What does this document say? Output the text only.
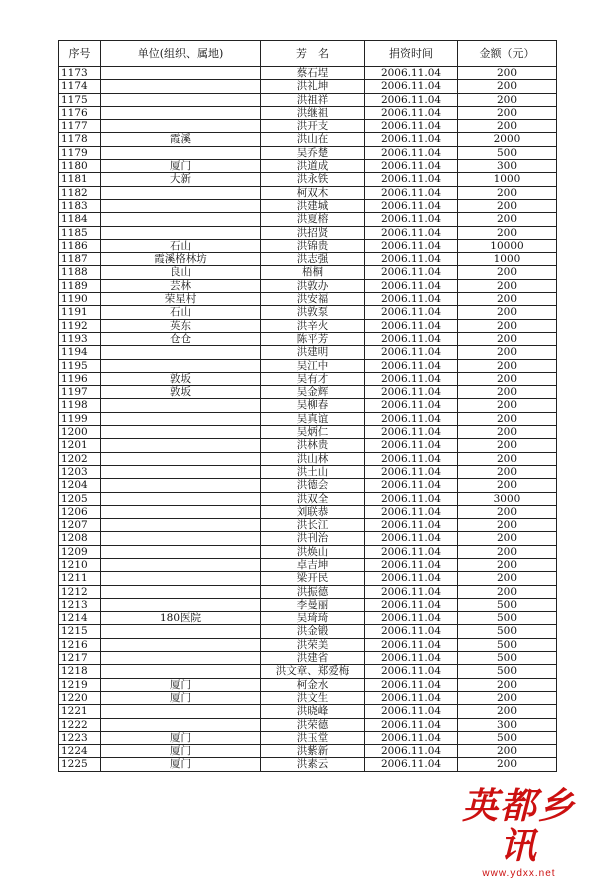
序号	单位(组织、属地)	芳　名	捐资时间	金额（元）
1173		蔡石埕	2006.11.04	200
1174		洪礼坤	2006.11.04	200
1175		洪祖祥	2006.11.04	200
1176		洪继祖	2006.11.04	200
1177		洪开支	2006.11.04	200
1178	霞溪	洪山在	2006.11.04	2000
1179		吴乔楚	2006.11.04	500
1180	厦门	洪道成	2006.11.04	300
1181	大新	洪永铁	2006.11.04	1000
1182		柯双木	2006.11.04	200
1183		洪建城	2006.11.04	200
1184		洪夏榕	2006.11.04	200
1185		洪招贤	2006.11.04	200
1186	石山	洪锦贵	2006.11.04	10000
1187	霞溪格林坊	洪志强	2006.11.04	1000
1188	良山	梧桐	2006.11.04	200
1189	芸林	洪敦办	2006.11.04	200
1190	荣星村	洪安福	2006.11.04	200
1191	石山	洪敦泵	2006.11.04	200
1192	英东	洪辛火	2006.11.04	200
1193	仓仓	陈平芳	2006.11.04	200
1194		洪建明	2006.11.04	200
1195		吴江中	2006.11.04	200
1196	敦坂	吴有才	2006.11.04	200
1197	敦坂	吴金辉	2006.11.04	200
1198		吴柳春	2006.11.04	200
1199		吴真谊	2006.11.04	200
1200		吴炳仁	2006.11.04	200
1201		洪林贵	2006.11.04	200
1202		洪山林	2006.11.04	200
1203		洪土山	2006.11.04	200
1204		洪德会	2006.11.04	200
1205		洪双全	2006.11.04	3000
1206		刘联恭	2006.11.04	200
1207		洪长江	2006.11.04	200
1208		洪刊治	2006.11.04	200
1209		洪焕山	2006.11.04	200
1210		卓吉坤	2006.11.04	200
1211		梁开民	2006.11.04	200
1212		洪振德	2006.11.04	200
1213		李曼丽	2006.11.04	500
1214	180医院	吴琦琦	2006.11.04	500
1215		洪金锻	2006.11.04	500
1216		洪荣美	2006.11.04	500
1217		洪建省	2006.11.04	500
1218		洪文章、郑爱梅	2006.11.04	500
1219	厦门	柯金水	2006.11.04	200
1220	厦门	洪文生	2006.11.04	200
1221		洪晓峰	2006.11.04	200
1222		洪荣德	2006.11.04	300
1223	厦门	洪玉堂	2006.11.04	500
1224	厦门	洪紫新	2006.11.04	200
1225	厦门	洪素云	2006.11.04	200
英都乡讯
www.ydxx.net
